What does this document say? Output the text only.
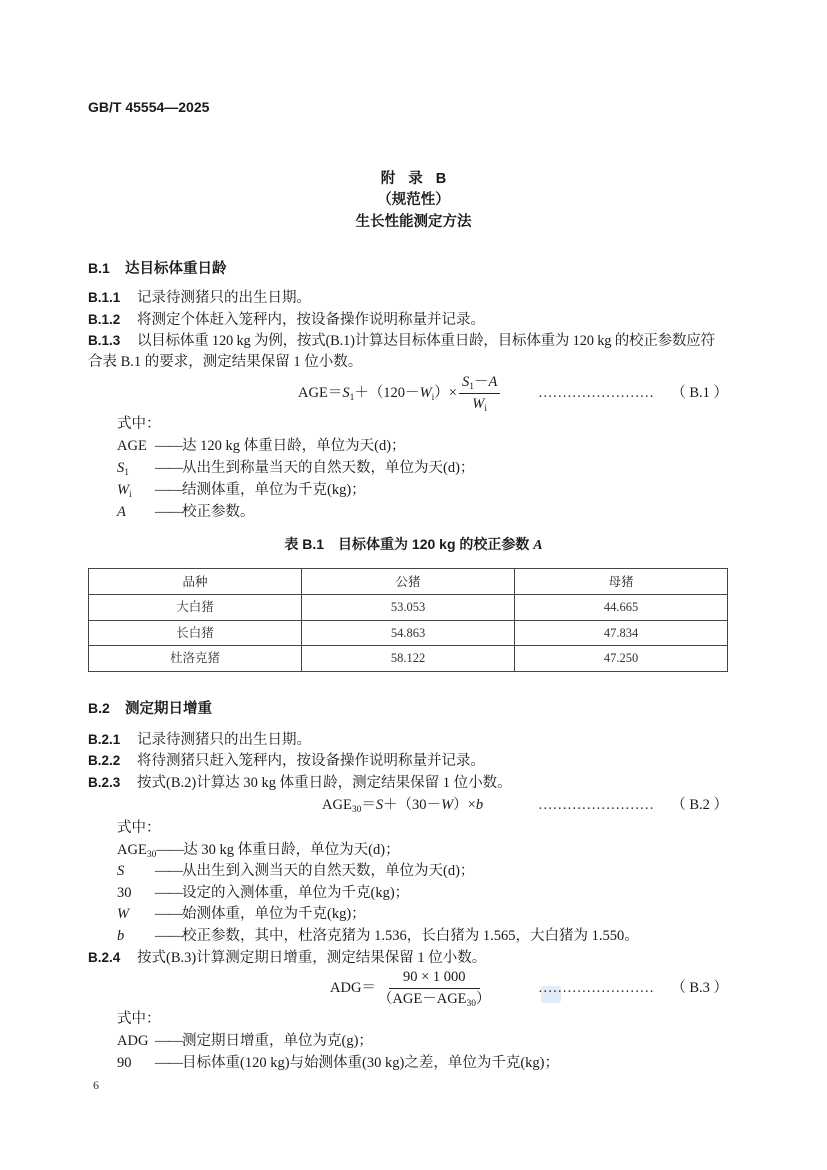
GB/T 45554—2025
附 录 B
（规范性）
生长性能测定方法
B.1 达目标体重日龄
B.1.1 记录待测猪只的出生日期。
B.1.2 将测定个体赶入笼秤内，按设备操作说明称量并记录。
B.1.3 以目标体重 120 kg 为例，按式(B.1)计算达目标体重日龄，目标体重为 120 kg 的校正参数应符
合表 B.1 的要求，测定结果保留 1 位小数。
$AGE=S_1+(120-W_i)\times \frac{S_1-A}{W_i}$	……………………	（ B.1 ）
式中：
AGE ——达 120 kg 体重日龄，单位为天(d)；
$S_1$ ——从出生到称量当天的自然天数，单位为天(d)；
$W_i$ ——结测体重，单位为千克(kg)；
A ——校正参数。
表 B.1 目标体重为 120 kg 的校正参数 A
品种	公猪	母猪
大白猪	53.053	44.665
长白猪	54.863	47.834
杜洛克猪	58.122	47.250
B.2 测定期日增重
B.2.1 记录待测猪只的出生日期。
B.2.2 将待测猪只赶入笼秤内，按设备操作说明称量并记录。
B.2.3 按式(B.2)计算达 30 kg 体重日龄，测定结果保留 1 位小数。
$AGE_{30}=S+(30-W)\times b$	……………………	（ B.2 ）
式中：
$AGE_{30}——$达 30 kg 体重日龄，单位为天(d)；
S ——从出生到入测当天的自然天数，单位为天(d)；
30 ——设定的入测体重，单位为千克(kg)；
W ——始测体重，单位为千克(kg)；
b ——校正参数，其中，杜洛克猪为 1.536，长白猪为 1.565，大白猪为 1.550。
B.2.4 按式(B.3)计算测定期日增重，测定结果保留 1 位小数。
$ADG= \frac{90 \times 1 000}{(AGE-AGE_{30})}$	……………………	（ B.3 ）
式中：
ADG ——测定期日增重，单位为克(g)；
90 ——目标体重(120 kg)与始测体重(30 kg)之差，单位为千克(kg)；
6
